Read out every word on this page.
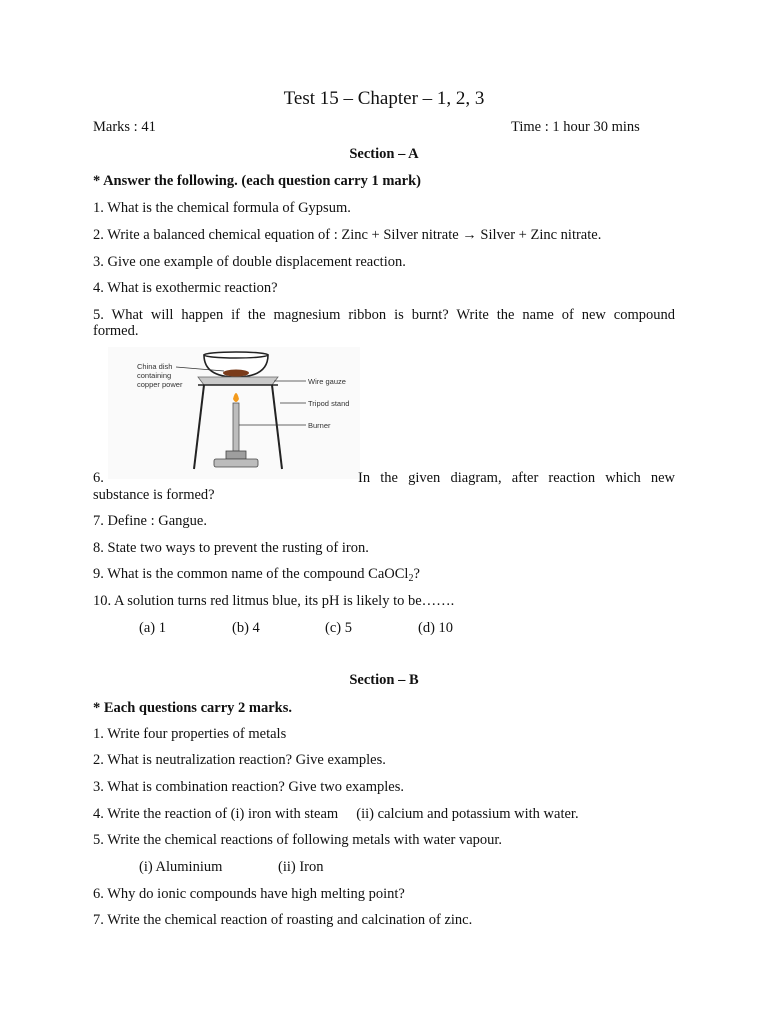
Test 15 – Chapter – 1, 2, 3
Marks : 41	Time : 1 hour 30 mins
Section – A
* Answer the following. (each question carry 1 mark)
1. What is the chemical formula of Gypsum.
2. Write a balanced chemical equation of : Zinc + Silver nitrate → Silver + Zinc nitrate.
3. Give one example of double displacement reaction.
4. What is exothermic reaction?
5. What will happen if the magnesium ribbon is burnt? Write the name of new compound
formed.
China dish
containing
copper power	Wire gauze
Tripod stand
Burner
6.	In the given diagram, after reaction which new
substance is formed?
7. Define : Gangue.
8. State two ways to prevent the rusting of iron.
9. What is the common name of the compound CaOCl$_2$?
10. A solution turns red litmus blue, its pH is likely to be…….
(a) 1	(b) 4	(c) 5	(d) 10
Section – B
* Each questions carry 2 marks.
1. Write four properties of metals
2. What is neutralization reaction? Give examples.
3. What is combination reaction? Give two examples.
4. Write the reaction of (i) iron with steam     (ii) calcium and potassium with water.
5. Write the chemical reactions of following metals with water vapour.
(i) Aluminium	(ii) Iron
6. Why do ionic compounds have high melting point?
7. Write the chemical reaction of roasting and calcination of zinc.
